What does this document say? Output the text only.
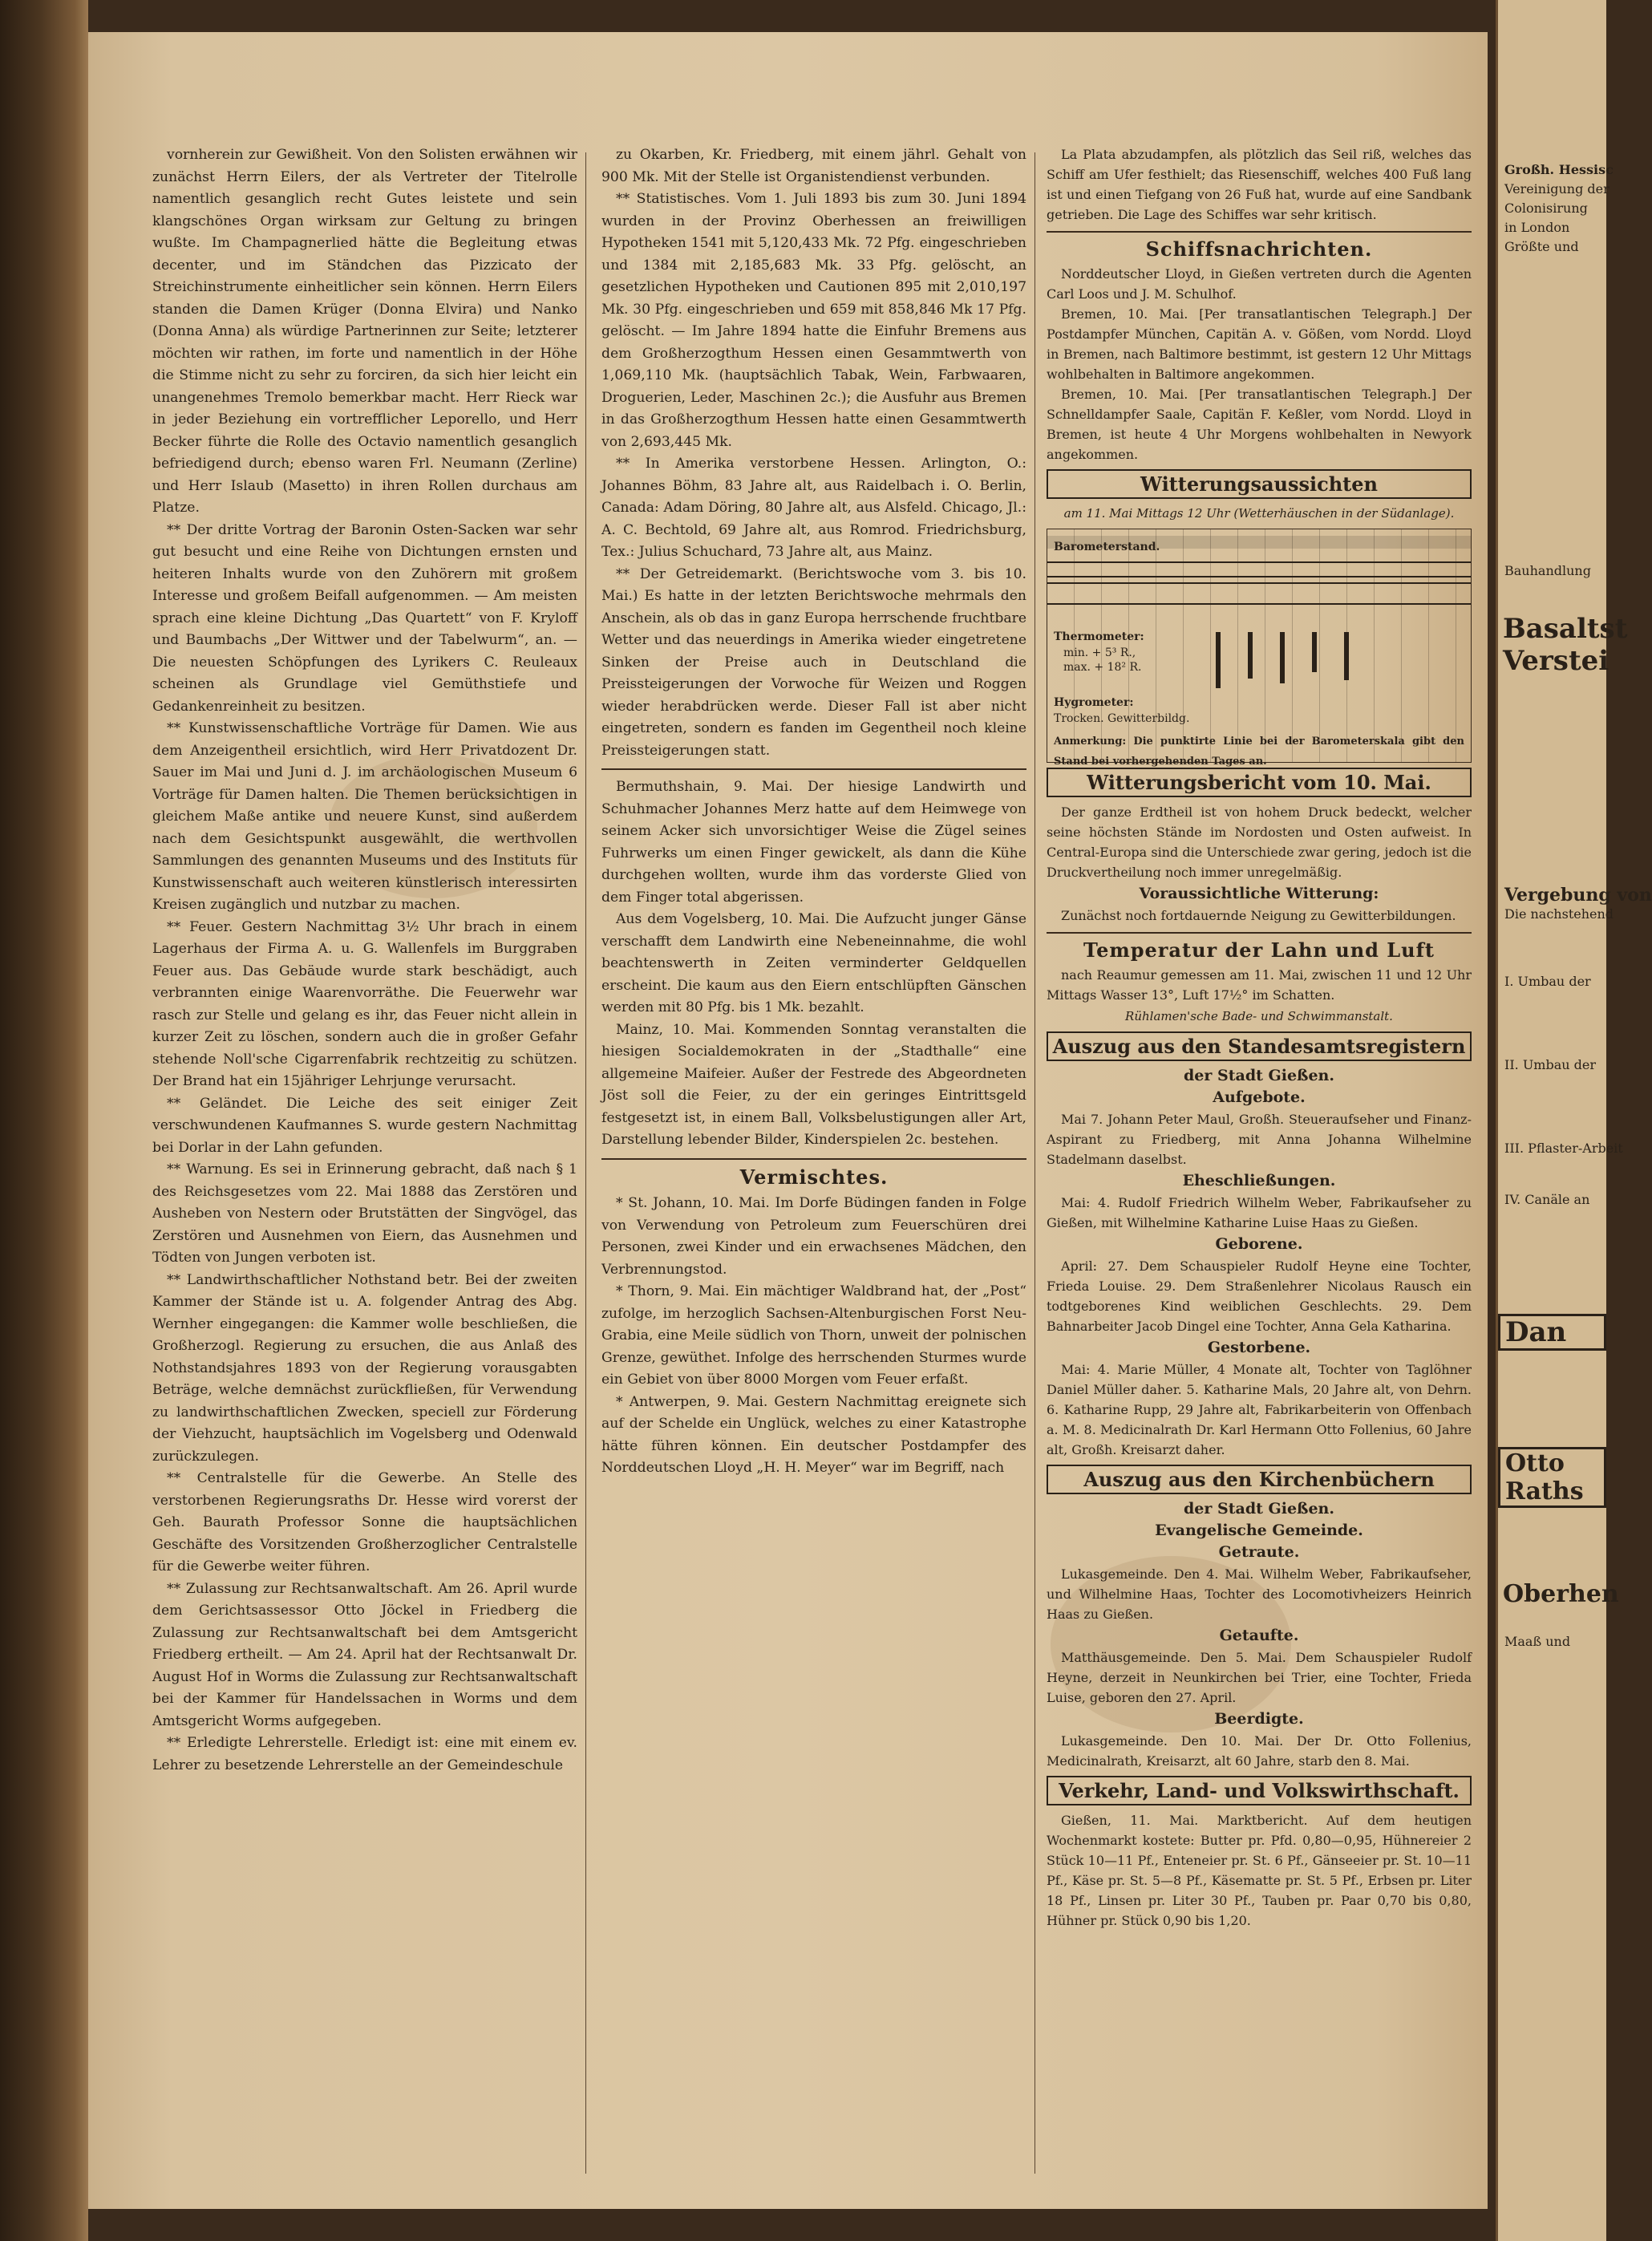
vornherein zur Gewißheit. Von den Solisten erwähnen wir zunächst Herrn Eilers, der als Vertreter der Titelrolle namentlich gesanglich recht Gutes leistete und sein klangschönes Organ wirksam zur Geltung zu bringen wußte. Im Champagnerlied hätte die Begleitung etwas decenter, und im Ständchen das Pizzicato der Streichinstrumente einheitlicher sein können. Herrn Eilers standen die Damen Krüger (Donna Elvira) und Nanko (Donna Anna) als würdige Partnerinnen zur Seite; letzterer möchten wir rathen, im forte und namentlich in der Höhe die Stimme nicht zu sehr zu forciren, da sich hier leicht ein unangenehmes Tremolo bemerkbar macht. Herr Rieck war in jeder Beziehung ein vortrefflicher Leporello, und Herr Becker führte die Rolle des Octavio namentlich gesanglich befriedigend durch; ebenso waren Frl. Neumann (Zerline) und Herr Islaub (Masetto) in ihren Rollen durchaus am Platze.

** Der dritte Vortrag der Baronin Osten-Sacken war sehr gut besucht und eine Reihe von Dichtungen ernsten und heiteren Inhalts wurde von den Zuhörern mit großem Interesse und großem Beifall aufgenommen. — Am meisten sprach eine kleine Dichtung „Das Quartett“ von F. Kryloff und Baumbachs „Der Wittwer und der Tabelwurm“, an. — Die neuesten Schöpfungen des Lyrikers C. Reuleaux scheinen als Grundlage viel Gemüthstiefe und Gedankenreinheit zu besitzen.

** Kunstwissenschaftliche Vorträge für Damen. Wie aus dem Anzeigentheil ersichtlich, wird Herr Privatdozent Dr. Sauer im Mai und Juni d. J. im archäologischen Museum 6 Vorträge für Damen halten. Die Themen berücksichtigen in gleichem Maße antike und neuere Kunst, sind außerdem nach dem Gesichtspunkt ausgewählt, die werthvollen Sammlungen des genannten Museums und des Instituts für Kunstwissenschaft auch weiteren künstlerisch interessirten Kreisen zugänglich und nutzbar zu machen.

** Feuer. Gestern Nachmittag 3½ Uhr brach in einem Lagerhaus der Firma A. u. G. Wallenfels im Burggraben Feuer aus. Das Gebäude wurde stark beschädigt, auch verbrannten einige Waarenvorräthe. Die Feuerwehr war rasch zur Stelle und gelang es ihr, das Feuer nicht allein in kurzer Zeit zu löschen, sondern auch die in großer Gefahr stehende Noll'sche Cigarrenfabrik rechtzeitig zu schützen. Der Brand hat ein 15jähriger Lehrjunge verursacht.

** Geländet. Die Leiche des seit einiger Zeit verschwundenen Kaufmannes S. wurde gestern Nachmittag bei Dorlar in der Lahn gefunden.

** Warnung. Es sei in Erinnerung gebracht, daß nach § 1 des Reichsgesetzes vom 22. Mai 1888 das Zerstören und Ausheben von Nestern oder Brutstätten der Singvögel, das Zerstören und Ausnehmen von Eiern, das Ausnehmen und Tödten von Jungen verboten ist.

** Landwirthschaftlicher Nothstand betr. Bei der zweiten Kammer der Stände ist u. A. folgender Antrag des Abg. Wernher eingegangen: die Kammer wolle beschließen, die Großherzogl. Regierung zu ersuchen, die aus Anlaß des Nothstandsjahres 1893 von der Regierung vorausgabten Beträge, welche demnächst zurückfließen, für Verwendung zu landwirthschaftlichen Zwecken, speciell zur Förderung der Viehzucht, hauptsächlich im Vogelsberg und Odenwald zurückzulegen.

** Centralstelle für die Gewerbe. An Stelle des verstorbenen Regierungsraths Dr. Hesse wird vorerst der Geh. Baurath Professor Sonne die hauptsächlichen Geschäfte des Vorsitzenden Großherzoglicher Centralstelle für die Gewerbe weiter führen.

** Zulassung zur Rechtsanwaltschaft. Am 26. April wurde dem Gerichtsassessor Otto Jöckel in Friedberg die Zulassung zur Rechtsanwaltschaft bei dem Amtsgericht Friedberg ertheilt. — Am 24. April hat der Rechtsanwalt Dr. August Hof in Worms die Zulassung zur Rechtsanwaltschaft bei der Kammer für Handelssachen in Worms und dem Amtsgericht Worms aufgegeben.

** Erledigte Lehrerstelle. Erledigt ist: eine mit einem ev. Lehrer zu besetzende Lehrerstelle an der Gemeindeschule

zu Okarben, Kr. Friedberg, mit einem jährl. Gehalt von 900 Mk. Mit der Stelle ist Organistendienst verbunden.

** Statistisches. Vom 1. Juli 1893 bis zum 30. Juni 1894 wurden in der Provinz Oberhessen an freiwilligen Hypotheken 1541 mit 5,120,433 Mk. 72 Pfg. eingeschrieben und 1384 mit 2,185,683 Mk. 33 Pfg. gelöscht, an gesetzlichen Hypotheken und Cautionen 895 mit 2,010,197 Mk. 30 Pfg. eingeschrieben und 659 mit 858,846 Mk 17 Pfg. gelöscht. — Im Jahre 1894 hatte die Einfuhr Bremens aus dem Großherzogthum Hessen einen Gesammtwerth von 1,069,110 Mk. (hauptsächlich Tabak, Wein, Farbwaaren, Droguerien, Leder, Maschinen 2c.); die Ausfuhr aus Bremen in das Großherzogthum Hessen hatte einen Gesammtwerth von 2,693,445 Mk.

** In Amerika verstorbene Hessen. Arlington, O.: Johannes Böhm, 83 Jahre alt, aus Raidelbach i. O. Berlin, Canada: Adam Döring, 80 Jahre alt, aus Alsfeld. Chicago, Jl.: A. C. Bechtold, 69 Jahre alt, aus Romrod. Friedrichsburg, Tex.: Julius Schuchard, 73 Jahre alt, aus Mainz.

** Der Getreidemarkt. (Berichtswoche vom 3. bis 10. Mai.) Es hatte in der letzten Berichtswoche mehrmals den Anschein, als ob das in ganz Europa herrschende fruchtbare Wetter und das neuerdings in Amerika wieder eingetretene Sinken der Preise auch in Deutschland die Preissteigerungen der Vorwoche für Weizen und Roggen wieder herabdrücken werde. Dieser Fall ist aber nicht eingetreten, sondern es fanden im Gegentheil noch kleine Preissteigerungen statt.

Bermuthshain, 9. Mai. Der hiesige Landwirth und Schuhmacher Johannes Merz hatte auf dem Heimwege von seinem Acker sich unvorsichtiger Weise die Zügel seines Fuhrwerks um einen Finger gewickelt, als dann die Kühe durchgehen wollten, wurde ihm das vorderste Glied von dem Finger total abgerissen.

Aus dem Vogelsberg, 10. Mai. Die Aufzucht junger Gänse verschafft dem Landwirth eine Nebeneinnahme, die wohl beachtenswerth in Zeiten verminderter Geldquellen erscheint. Die kaum aus den Eiern entschlüpften Gänschen werden mit 80 Pfg. bis 1 Mk. bezahlt.

Mainz, 10. Mai. Kommenden Sonntag veranstalten die hiesigen Socialdemokraten in der „Stadthalle“ eine allgemeine Maifeier. Außer der Festrede des Abgeordneten Jöst soll die Feier, zu der ein geringes Eintrittsgeld festgesetzt ist, in einem Ball, Volksbelustigungen aller Art, Darstellung lebender Bilder, Kinderspielen 2c. bestehen.

Vermischtes.

* St. Johann, 10. Mai. Im Dorfe Büdingen fanden in Folge von Verwendung von Petroleum zum Feuerschüren drei Personen, zwei Kinder und ein erwachsenes Mädchen, den Verbrennungstod.

* Thorn, 9. Mai. Ein mächtiger Waldbrand hat, der „Post“ zufolge, im herzoglich Sachsen-Altenburgischen Forst Neu-Grabia, eine Meile südlich von Thorn, unweit der polnischen Grenze, gewüthet. Infolge des herrschenden Sturmes wurde ein Gebiet von über 8000 Morgen vom Feuer erfaßt.

* Antwerpen, 9. Mai. Gestern Nachmittag ereignete sich auf der Schelde ein Unglück, welches zu einer Katastrophe hätte führen können. Ein deutscher Postdampfer des Norddeutschen Lloyd „H. H. Meyer“ war im Begriff, nach

La Plata abzudampfen, als plötzlich das Seil riß, welches das Schiff am Ufer festhielt; das Riesenschiff, welches 400 Fuß lang ist und einen Tiefgang von 26 Fuß hat, wurde auf eine Sandbank getrieben. Die Lage des Schiffes war sehr kritisch.

Schiffsnachrichten.

Norddeutscher Lloyd, in Gießen vertreten durch die Agenten Carl Loos und J. M. Schulhof.

Bremen, 10. Mai. [Per transatlantischen Telegraph.] Der Postdampfer München, Capitän A. v. Gößen, vom Nordd. Lloyd in Bremen, nach Baltimore bestimmt, ist gestern 12 Uhr Mittags wohlbehalten in Baltimore angekommen.

Bremen, 10. Mai. [Per transatlantischen Telegraph.] Der Schnelldampfer Saale, Capitän F. Keßler, vom Nordd. Lloyd in Bremen, ist heute 4 Uhr Morgens wohlbehalten in Newyork angekommen.

Witterungsaussichten
am 11. Mai Mittags 12 Uhr (Wetterhäuschen in der Südanlage).
Barometerstand.
Thermometer:
min. + 5³ R.,
max. + 18² R.
Hygrometer:
Trocken. Gewitterbildg.
Anmerkung: Die punktirte Linie bei der Barometerskala gibt den Stand bei vorhergehenden Tages an.
Witterungsbericht vom 10. Mai.

Der ganze Erdtheil ist von hohem Druck bedeckt, welcher seine höchsten Stände im Nordosten und Osten aufweist. In Central-Europa sind die Unterschiede zwar gering, jedoch ist die Druckvertheilung noch immer unregelmäßig.

Voraussichtliche Witterung:

Zunächst noch fortdauernde Neigung zu Gewitterbildungen.

Temperatur der Lahn und Luft

nach Reaumur gemessen am 11. Mai, zwischen 11 und 12 Uhr Mittags Wasser 13°, Luft 17½° im Schatten.

Rühlamen'sche Bade- und Schwimmanstalt.
Auszug aus den Standesamtsregistern
der Stadt Gießen.
Aufgebote.

Mai 7. Johann Peter Maul, Großh. Steueraufseher und Finanz-Aspirant zu Friedberg, mit Anna Johanna Wilhelmine Stadelmann daselbst.

Eheschließungen.

Mai: 4. Rudolf Friedrich Wilhelm Weber, Fabrikaufseher zu Gießen, mit Wilhelmine Katharine Luise Haas zu Gießen.

Geborene.

April: 27. Dem Schauspieler Rudolf Heyne eine Tochter, Frieda Louise. 29. Dem Straßenlehrer Nicolaus Rausch ein todtgeborenes Kind weiblichen Geschlechts. 29. Dem Bahnarbeiter Jacob Dingel eine Tochter, Anna Gela Katharina.

Gestorbene.

Mai: 4. Marie Müller, 4 Monate alt, Tochter von Taglöhner Daniel Müller daher. 5. Katharine Mals, 20 Jahre alt, von Dehrn. 6. Katharine Rupp, 29 Jahre alt, Fabrikarbeiterin von Offenbach a. M. 8. Medicinalrath Dr. Karl Hermann Otto Follenius, 60 Jahre alt, Großh. Kreisarzt daher.

Auszug aus den Kirchenbüchern
der Stadt Gießen.
Evangelische Gemeinde.
Getraute.

Lukasgemeinde. Den 4. Mai. Wilhelm Weber, Fabrikaufseher, und Wilhelmine Haas, Tochter des Locomotivheizers Heinrich Haas zu Gießen.

Getaufte.

Matthäusgemeinde. Den 5. Mai. Dem Schauspieler Rudolf Heyne, derzeit in Neunkirchen bei Trier, eine Tochter, Frieda Luise, geboren den 27. April.

Beerdigte.

Lukasgemeinde. Den 10. Mai. Der Dr. Otto Follenius, Medicinalrath, Kreisarzt, alt 60 Jahre, starb den 8. Mai.

Verkehr, Land- und Volkswirthschaft.

Gießen, 11. Mai. Marktbericht. Auf dem heutigen Wochenmarkt kostete: Butter pr. Pfd. 0,80—0,95, Hühnereier 2 Stück 10—11 Pf., Enteneier pr. St. 6 Pf., Gänseeier pr. St. 10—11 Pf., Käse pr. St. 5—8 Pf., Käsematte pr. St. 5 Pf., Erbsen pr. Liter 18 Pf., Linsen pr. Liter 30 Pf., Tauben pr. Paar 0,70 bis 0,80, Hühner pr. Stück 0,90 bis 1,20.

Großh. Hessisc
Vereinigung der
Colonisirung
in London
Größte und
Bauhandlung
Basaltst
Verstei
Vergebung von
Die nachstehend
I. Umbau der
II. Umbau der
III. Pflaster-Arbeit
IV. Canäle an
Dan
Otto Raths
Oberhen
Maaß und
